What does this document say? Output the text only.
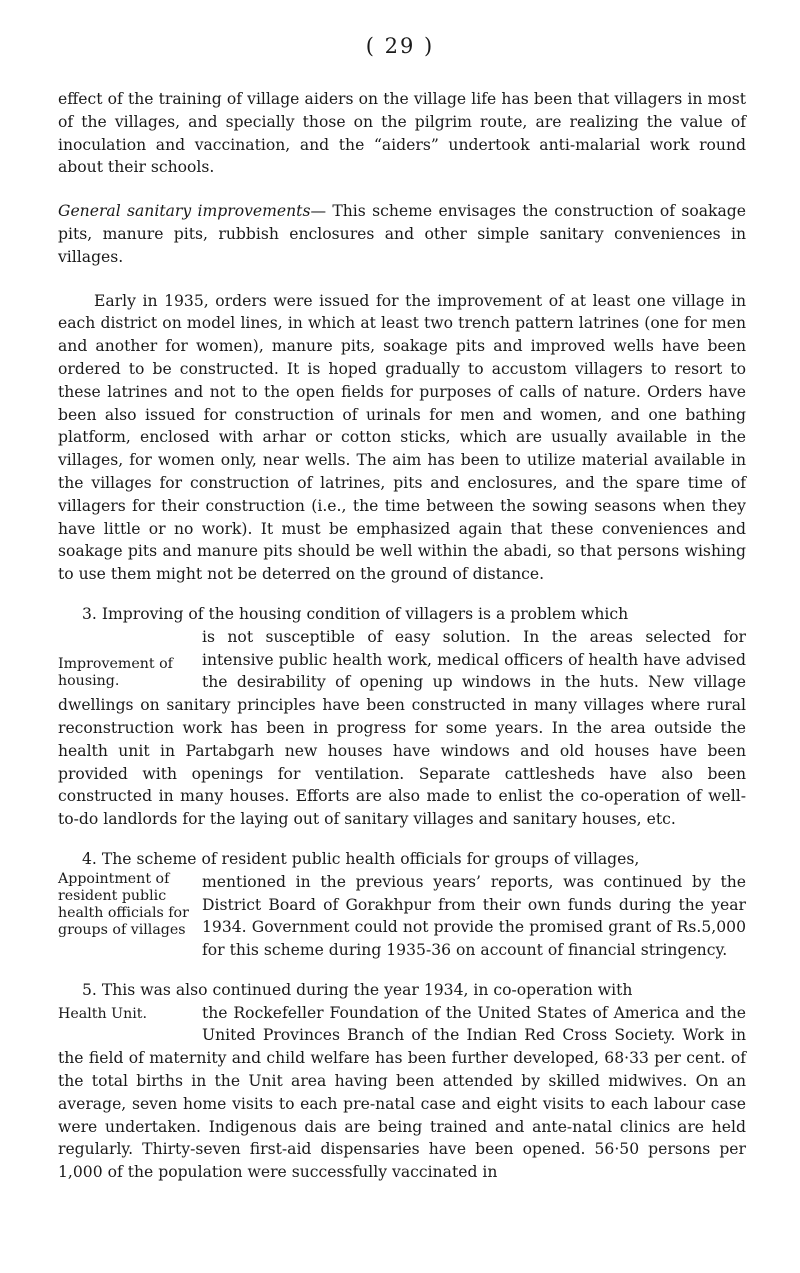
( 29 )

effect of the training of village aiders on the village life has been that villagers in most of the villages, and specially those on the pilgrim route, are realizing the value of inoculation and vaccination, and the “aiders” undertook anti-malarial work round about their schools.

General sanitary improvements— This scheme envisages the construction of soakage pits, manure pits, rubbish enclosures and other simple sanitary conveniences in villages.

Early in 1935, orders were issued for the improvement of at least one village in each district on model lines, in which at least two trench pattern latrines (one for men and another for women), manure pits, soakage pits and improved wells have been ordered to be constructed. It is hoped gradually to accustom villagers to resort to these latrines and not to the open fields for purposes of calls of nature. Orders have been also issued for construction of urinals for men and women, and one bathing platform, enclosed with arhar or cotton sticks, which are usually available in the villages, for women only, near wells. The aim has been to utilize material available in the villages for construction of latrines, pits and enclosures, and the spare time of villagers for their construction (i.e., the time between the sowing seasons when they have little or no work). It must be emphasized again that these conveniences and soakage pits and manure pits should be well within the abadi, so that persons wishing to use them might not be deterred on the ground of distance.

3. Improving of the housing condition of villagers is a problem which
Improvement of housing.

is not susceptible of easy solution. In the areas selected for intensive public health work, medical officers of health have advised the desirability of opening up windows in the huts. New village dwellings on sanitary principles have been constructed in many villages where rural reconstruction work has been in progress for some years. In the area outside the health unit in Partabgarh new houses have windows and old houses have been provided with openings for ventilation. Separate cattlesheds have also been constructed in many houses. Efforts are also made to enlist the co-operation of well-to-do landlords for the laying out of sanitary villages and sanitary houses, etc.

4. The scheme of resident public health officials for groups of villages,
Appointment of resident public health officials for groups of villages

mentioned in the previous years’ reports, was continued by the District Board of Gorakhpur from their own funds during the year 1934. Government could not provide the promised grant of Rs.5,000 for this scheme during 1935-36 on account of financial stringency.

5. This was also continued during the year 1934, in co-operation with
Health Unit.	the Rockefeller Foundation of the United States of America and the United Provinces Branch of the Indian Red Cross Society. Work in the field of maternity and child welfare has been further developed, 68·33 per cent. of the total births in the Unit area having been attended by skilled midwives. On an average, seven home visits to each pre-natal case and eight visits to each labour case were undertaken. Indigenous dais are being trained and ante-natal clinics are held regularly. Thirty-seven first-aid dispensaries have been opened. 56·50 persons per 1,000 of the population were successfully vaccinated in
